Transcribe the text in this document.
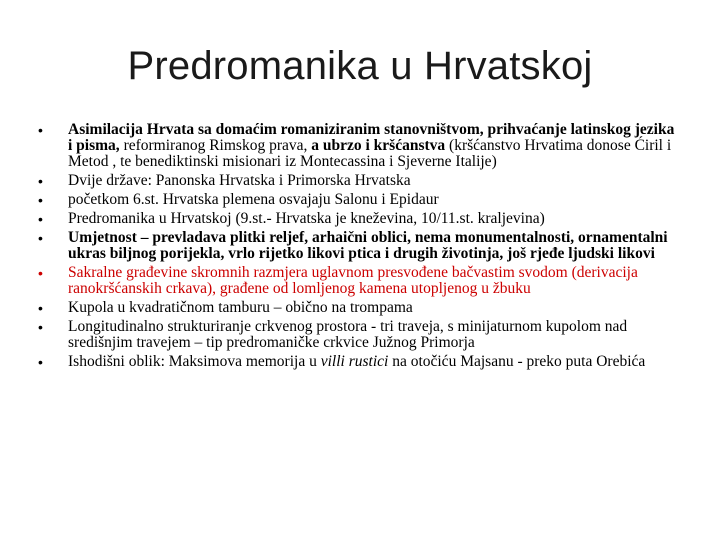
Predromanika u Hrvatskoj
• Asimilacija Hrvata sa domaćim romaniziranim stanovništvom, prihvaćanje latinskog jezika i pisma, reformiranog Rimskog prava, a ubrzo i kršćanstva (kršćanstvo Hrvatima donose Ćiril i Metod , te benediktinski misionari iz Montecassina i Sjeverne Italije)
• Dvije države: Panonska Hrvatska i Primorska Hrvatska
• početkom 6.st. Hrvatska plemena osvajaju Salonu i Epidaur
• Predromanika u Hrvatskoj (9.st.- Hrvatska je kneževina, 10/11.st. kraljevina)
• Umjetnost – prevladava plitki reljef, arhaični oblici, nema monumentalnosti, ornamentalni ukras biljnog porijekla, vrlo rijetko likovi ptica i drugih životinja, još rjeđe ljudski likovi
• Sakralne građevine skromnih razmjera uglavnom presvođene bačvastim svodom (derivacija ranokršćanskih crkava), građene od lomljenog kamena utopljenog u žbuku
• Kupola u kvadratičnom tamburu – obično na trompama
• Longitudinalno strukturiranje crkvenog prostora - tri traveja, s minijaturnom kupolom nad središnjim travejem – tip predromaničke crkvice Južnog Primorja
• Ishodišni oblik: Maksimova memorija u villi rustici na otočiću Majsanu - preko puta Orebića
